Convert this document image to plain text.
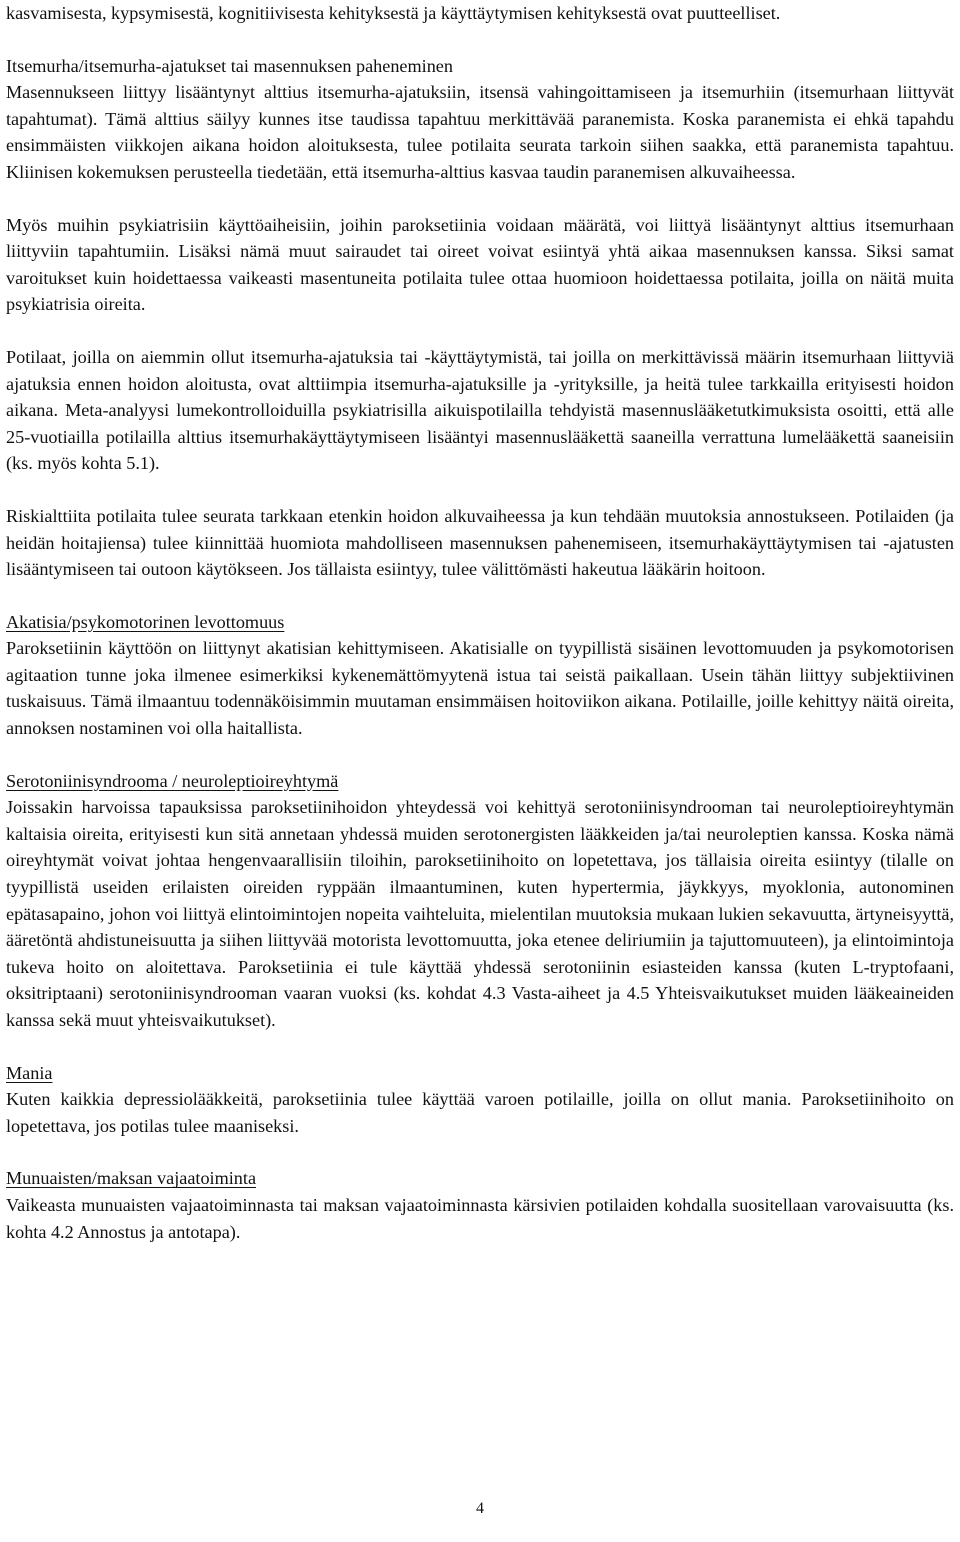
kasvamisesta, kypsymisestä, kognitiivisesta kehityksestä ja käyttäytymisen kehityksestä ovat puutteelliset.

Itsemurha/itsemurha-ajatukset tai masennuksen paheneminen

Masennukseen liittyy lisääntynyt alttius itsemurha-ajatuksiin, itsensä vahingoittamiseen ja itsemurhiin (itsemurhaan liittyvät tapahtumat). Tämä alttius säilyy kunnes itse taudissa tapahtuu merkittävää paranemista. Koska paranemista ei ehkä tapahdu ensimmäisten viikkojen aikana hoidon aloituksesta, tulee potilaita seurata tarkoin siihen saakka, että paranemista tapahtuu. Kliinisen kokemuksen perusteella tiedetään, että itsemurha-alttius kasvaa taudin paranemisen alkuvaiheessa.

Myös muihin psykiatrisiin käyttöaiheisiin, joihin paroksetiinia voidaan määrätä, voi liittyä lisääntynyt alttius itsemurhaan liittyviin tapahtumiin. Lisäksi nämä muut sairaudet tai oireet voivat esiintyä yhtä aikaa masennuksen kanssa. Siksi samat varoitukset kuin hoidettaessa vaikeasti masentuneita potilaita tulee ottaa huomioon hoidettaessa potilaita, joilla on näitä muita psykiatrisia oireita.

Potilaat, joilla on aiemmin ollut itsemurha-ajatuksia tai -käyttäytymistä, tai joilla on merkittävissä määrin itsemurhaan liittyviä ajatuksia ennen hoidon aloitusta, ovat alttiimpia itsemurha-ajatuksille ja -yrityksille, ja heitä tulee tarkkailla erityisesti hoidon aikana. Meta-analyysi lumekontrolloiduilla psykiatrisilla aikuispotilailla tehdyistä masennuslääketutkimuksista osoitti, että alle 25-vuotiailla potilailla alttius itsemurhakäyttäytymiseen lisääntyi masennuslääkettä saaneilla verrattuna lumelääkettä saaneisiin (ks. myös kohta 5.1).

Riskialttiita potilaita tulee seurata tarkkaan etenkin hoidon alkuvaiheessa ja kun tehdään muutoksia annostukseen. Potilaiden (ja heidän hoitajiensa) tulee kiinnittää huomiota mahdolliseen masennuksen pahenemiseen, itsemurhakäyttäytymisen tai -ajatusten lisääntymiseen tai outoon käytökseen. Jos tällaista esiintyy, tulee välittömästi hakeutua lääkärin hoitoon.

Akatisia/psykomotorinen levottomuus

Paroksetiinin käyttöön on liittynyt akatisian kehittymiseen. Akatisialle on tyypillistä sisäinen levottomuuden ja psykomotorisen agitaation tunne joka ilmenee esimerkiksi kykenemättömyytenä istua tai seistä paikallaan. Usein tähän liittyy subjektiivinen tuskaisuus. Tämä ilmaantuu todennäköisimmin muutaman ensimmäisen hoitoviikon aikana. Potilaille, joille kehittyy näitä oireita, annoksen nostaminen voi olla haitallista.

Serotoniinisyndrooma / neuroleptioireyhtymä

Joissakin harvoissa tapauksissa paroksetiinihoidon yhteydessä voi kehittyä serotoniinisyndrooman tai neuroleptioireyhtymän kaltaisia oireita, erityisesti kun sitä annetaan yhdessä muiden serotonergisten lääkkeiden ja/tai neuroleptien kanssa. Koska nämä oireyhtymät voivat johtaa hengenvaarallisiin tiloihin, paroksetiinihoito on lopetettava, jos tällaisia oireita esiintyy (tilalle on tyypillistä useiden erilaisten oireiden ryppään ilmaantuminen, kuten hypertermia, jäykkyys, myoklonia, autonominen epätasapaino, johon voi liittyä elintoimintojen nopeita vaihteluita, mielentilan muutoksia mukaan lukien sekavuutta, ärtyneisyyttä, ääretöntä ahdistuneisuutta ja siihen liittyvää motorista levottomuutta, joka etenee deliriumiin ja tajuttomuuteen), ja elintoimintoja tukeva hoito on aloitettava. Paroksetiinia ei tule käyttää yhdessä serotoniinin esiasteiden kanssa (kuten L-tryptofaani, oksitriptaani) serotoniinisyndrooman vaaran vuoksi (ks. kohdat 4.3 Vasta-aiheet ja 4.5 Yhteisvaikutukset muiden lääkeaineiden kanssa sekä muut yhteisvaikutukset).

Mania

Kuten kaikkia depressiolääkkeitä, paroksetiinia tulee käyttää varoen potilaille, joilla on ollut mania. Paroksetiinihoito on lopetettava, jos potilas tulee maaniseksi.

Munuaisten/maksan vajaatoiminta

Vaikeasta munuaisten vajaatoiminnasta tai maksan vajaatoiminnasta kärsivien potilaiden kohdalla suositellaan varovaisuutta (ks. kohta 4.2 Annostus ja antotapa).

4
